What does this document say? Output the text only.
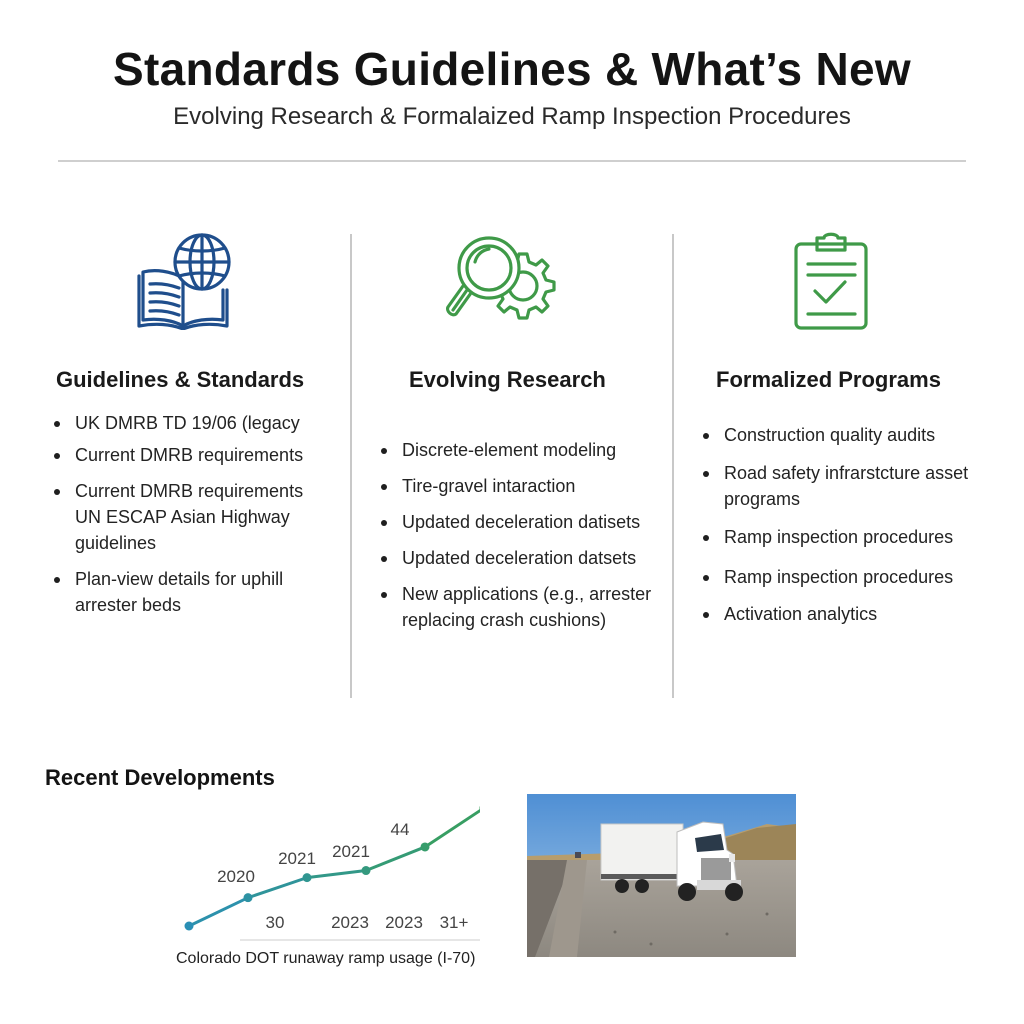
Standards Guidelines & What’s New
Evolving Research & Formalaized Ramp Inspection Procedures
Guidelines & Standards	Evolving Research	Formalized Programs
UK DMRB TD 19/06 (legacy
Current DMRB requirements
Current DMRB requirements UN ESCAP Asian Highway guidelines
Plan-view details for uphill arrester beds
Discrete-element modeling
Tire-gravel intaraction
Updated deceleration datisets
Updated deceleration datsets
New applications (e.g., arrester replacing crash cushions)
Construction quality audits
Road safety infrarstcture asset programs
Ramp inspection procedures
Ramp inspection procedures
Activation analytics
Recent Developments
2020
2021 2021
44
30	2023 2023 31+
Colorado DOT runaway ramp usage (I-70)
